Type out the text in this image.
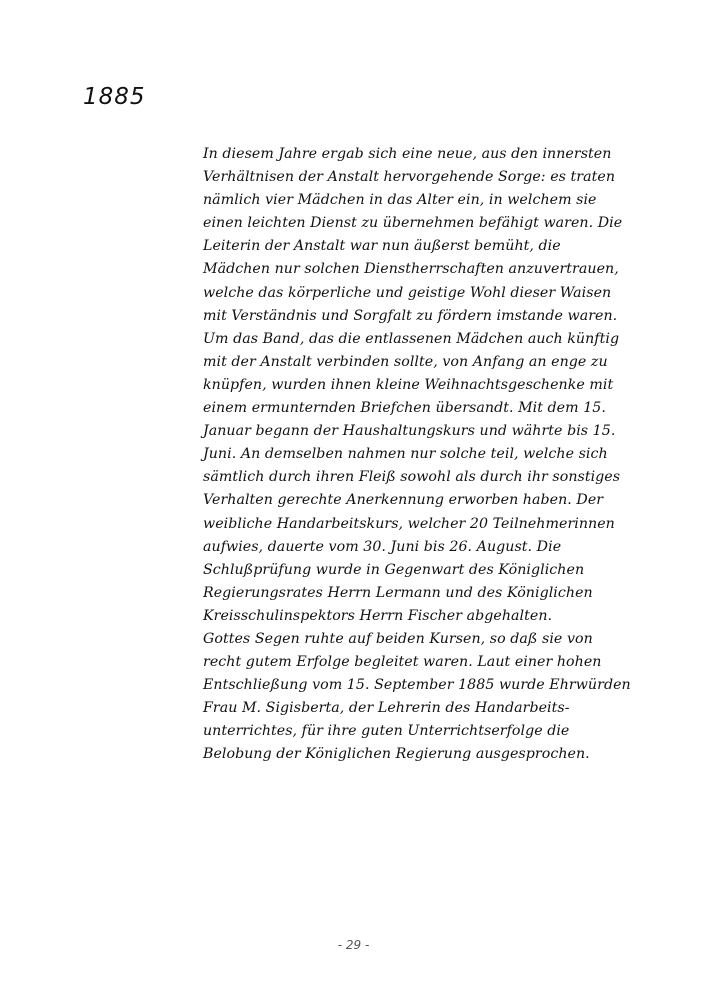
1885
In diesem Jahre ergab sich eine neue, aus den innersten
Verhältnisen der Anstalt hervorgehende Sorge: es traten
nämlich vier Mädchen in das Alter ein, in welchem sie
einen leichten Dienst zu übernehmen befähigt waren. Die
Leiterin der Anstalt war nun äußerst bemüht, die
Mädchen nur solchen Dienstherrschaften anzuvertrauen,
welche das körperliche und geistige Wohl dieser Waisen
mit Verständnis und Sorgfalt zu fördern imstande waren.
Um das Band, das die entlassenen Mädchen auch künftig
mit der Anstalt verbinden sollte, von Anfang an enge zu
knüpfen, wurden ihnen kleine Weihnachtsgeschenke mit
einem ermunternden Briefchen übersandt. Mit dem 15.
Januar begann der Haushaltungskurs und währte bis 15.
Juni. An demselben nahmen nur solche teil, welche sich
sämtlich durch ihren Fleiß sowohl als durch ihr sonstiges
Verhalten gerechte Anerkennung erworben haben. Der
weibliche Handarbeitskurs, welcher 20 Teilnehmerinnen
aufwies, dauerte vom 30. Juni bis 26. August. Die
Schlußprüfung wurde in Gegenwart des Königlichen
Regierungsrates Herrn Lermann und des Königlichen
Kreisschulinspektors Herrn Fischer abgehalten.
Gottes Segen ruhte auf beiden Kursen, so daß sie von
recht gutem Erfolge begleitet waren. Laut einer hohen
Entschließung vom 15. September 1885 wurde Ehrwürden
Frau M. Sigisberta, der Lehrerin des Handarbeits-
unterrichtes, für ihre guten Unterrichtserfolge die
Belobung der Königlichen Regierung ausgesprochen.
- 29 -
